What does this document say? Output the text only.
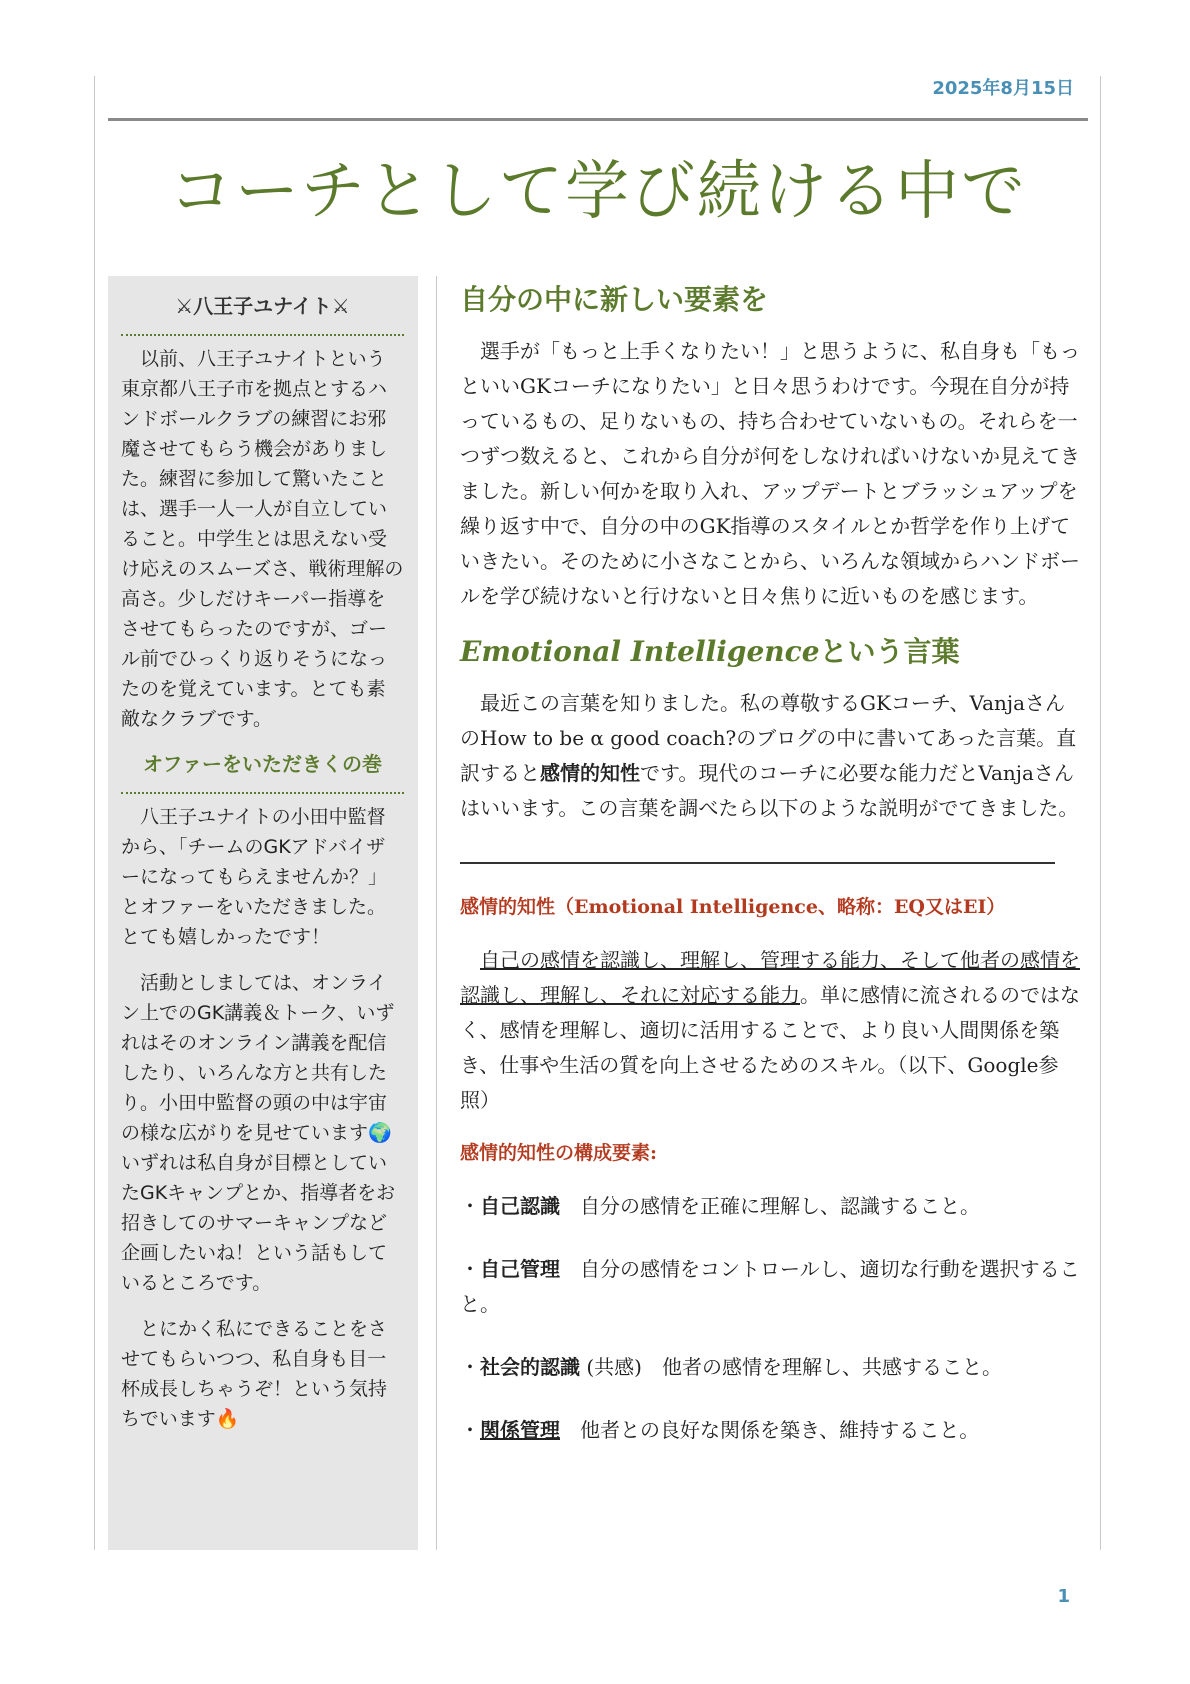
2025年8月15日
コーチとして学び続ける中で
⚔八王子ユナイト⚔

以前、八王子ユナイトという東京都八王子市を拠点とするハンドボールクラブの練習にお邪魔させてもらう機会がありました。練習に参加して驚いたことは、選手一人一人が自立していること。中学生とは思えない受け応えのスムーズさ、戦術理解の高さ。少しだけキーパー指導をさせてもらったのですが、ゴール前でひっくり返りそうになったのを覚えています。とても素敵なクラブです。

オファーをいただきくの巻

八王子ユナイトの小田中監督から、「チームのGKアドバイザーになってもらえませんか？」とオファーをいただきました。とても嬉しかったです！

活動としましては、オンライン上でのGK講義＆トーク、いずれはそのオンライン講義を配信したり、いろんな方と共有したり。小田中監督の頭の中は宇宙の様な広がりを見せています🌍いずれは私自身が目標としていたGKキャンプとか、指導者をお招きしてのサマーキャンプなど企画したいね！という話もしているところです。

とにかく私にできることをさせてもらいつつ、私自身も目一杯成長しちゃうぞ！という気持ちでいます🔥

自分の中に新しい要素を

選手が「もっと上手くなりたい！」と思うように、私自身も「もっといいGKコーチになりたい」と日々思うわけです。今現在自分が持っているもの、足りないもの、持ち合わせていないもの。それらを一つずつ数えると、これから自分が何をしなければいけないか見えてきました。新しい何かを取り入れ、アップデートとブラッシュアップを繰り返す中で、自分の中のGK指導のスタイルとか哲学を作り上げていきたい。そのために小さなことから、いろんな領域からハンドボールを学び続けないと行けないと日々焦りに近いものを感じます。

Emotional Intelligenceという言葉

最近この言葉を知りました。私の尊敬するGKコーチ、VanjaさんのHow to be α good coach?のブログの中に書いてあった言葉。直訳すると感情的知性です。現代のコーチに必要な能力だとVanjaさんはいいます。この言葉を調べたら以下のような説明がでてきました。

感情的知性（Emotional Intelligence、略称：EQ又はEI）

自己の感情を認識し、理解し、管理する能力、そして他者の感情を認識し、理解し、それに対応する能力。単に感情に流されるのではなく、感情を理解し、適切に活用することで、より良い人間関係を築き、仕事や生活の質を向上させるためのスキル。（以下、Google参照）

感情的知性の構成要素:
・自己認識　自分の感情を正確に理解し、認識すること。
・自己管理　自分の感情をコントロールし、適切な行動を選択すること。
・社会的認識 (共感)　他者の感情を理解し、共感すること。
・関係管理　他者との良好な関係を築き、維持すること。
1
